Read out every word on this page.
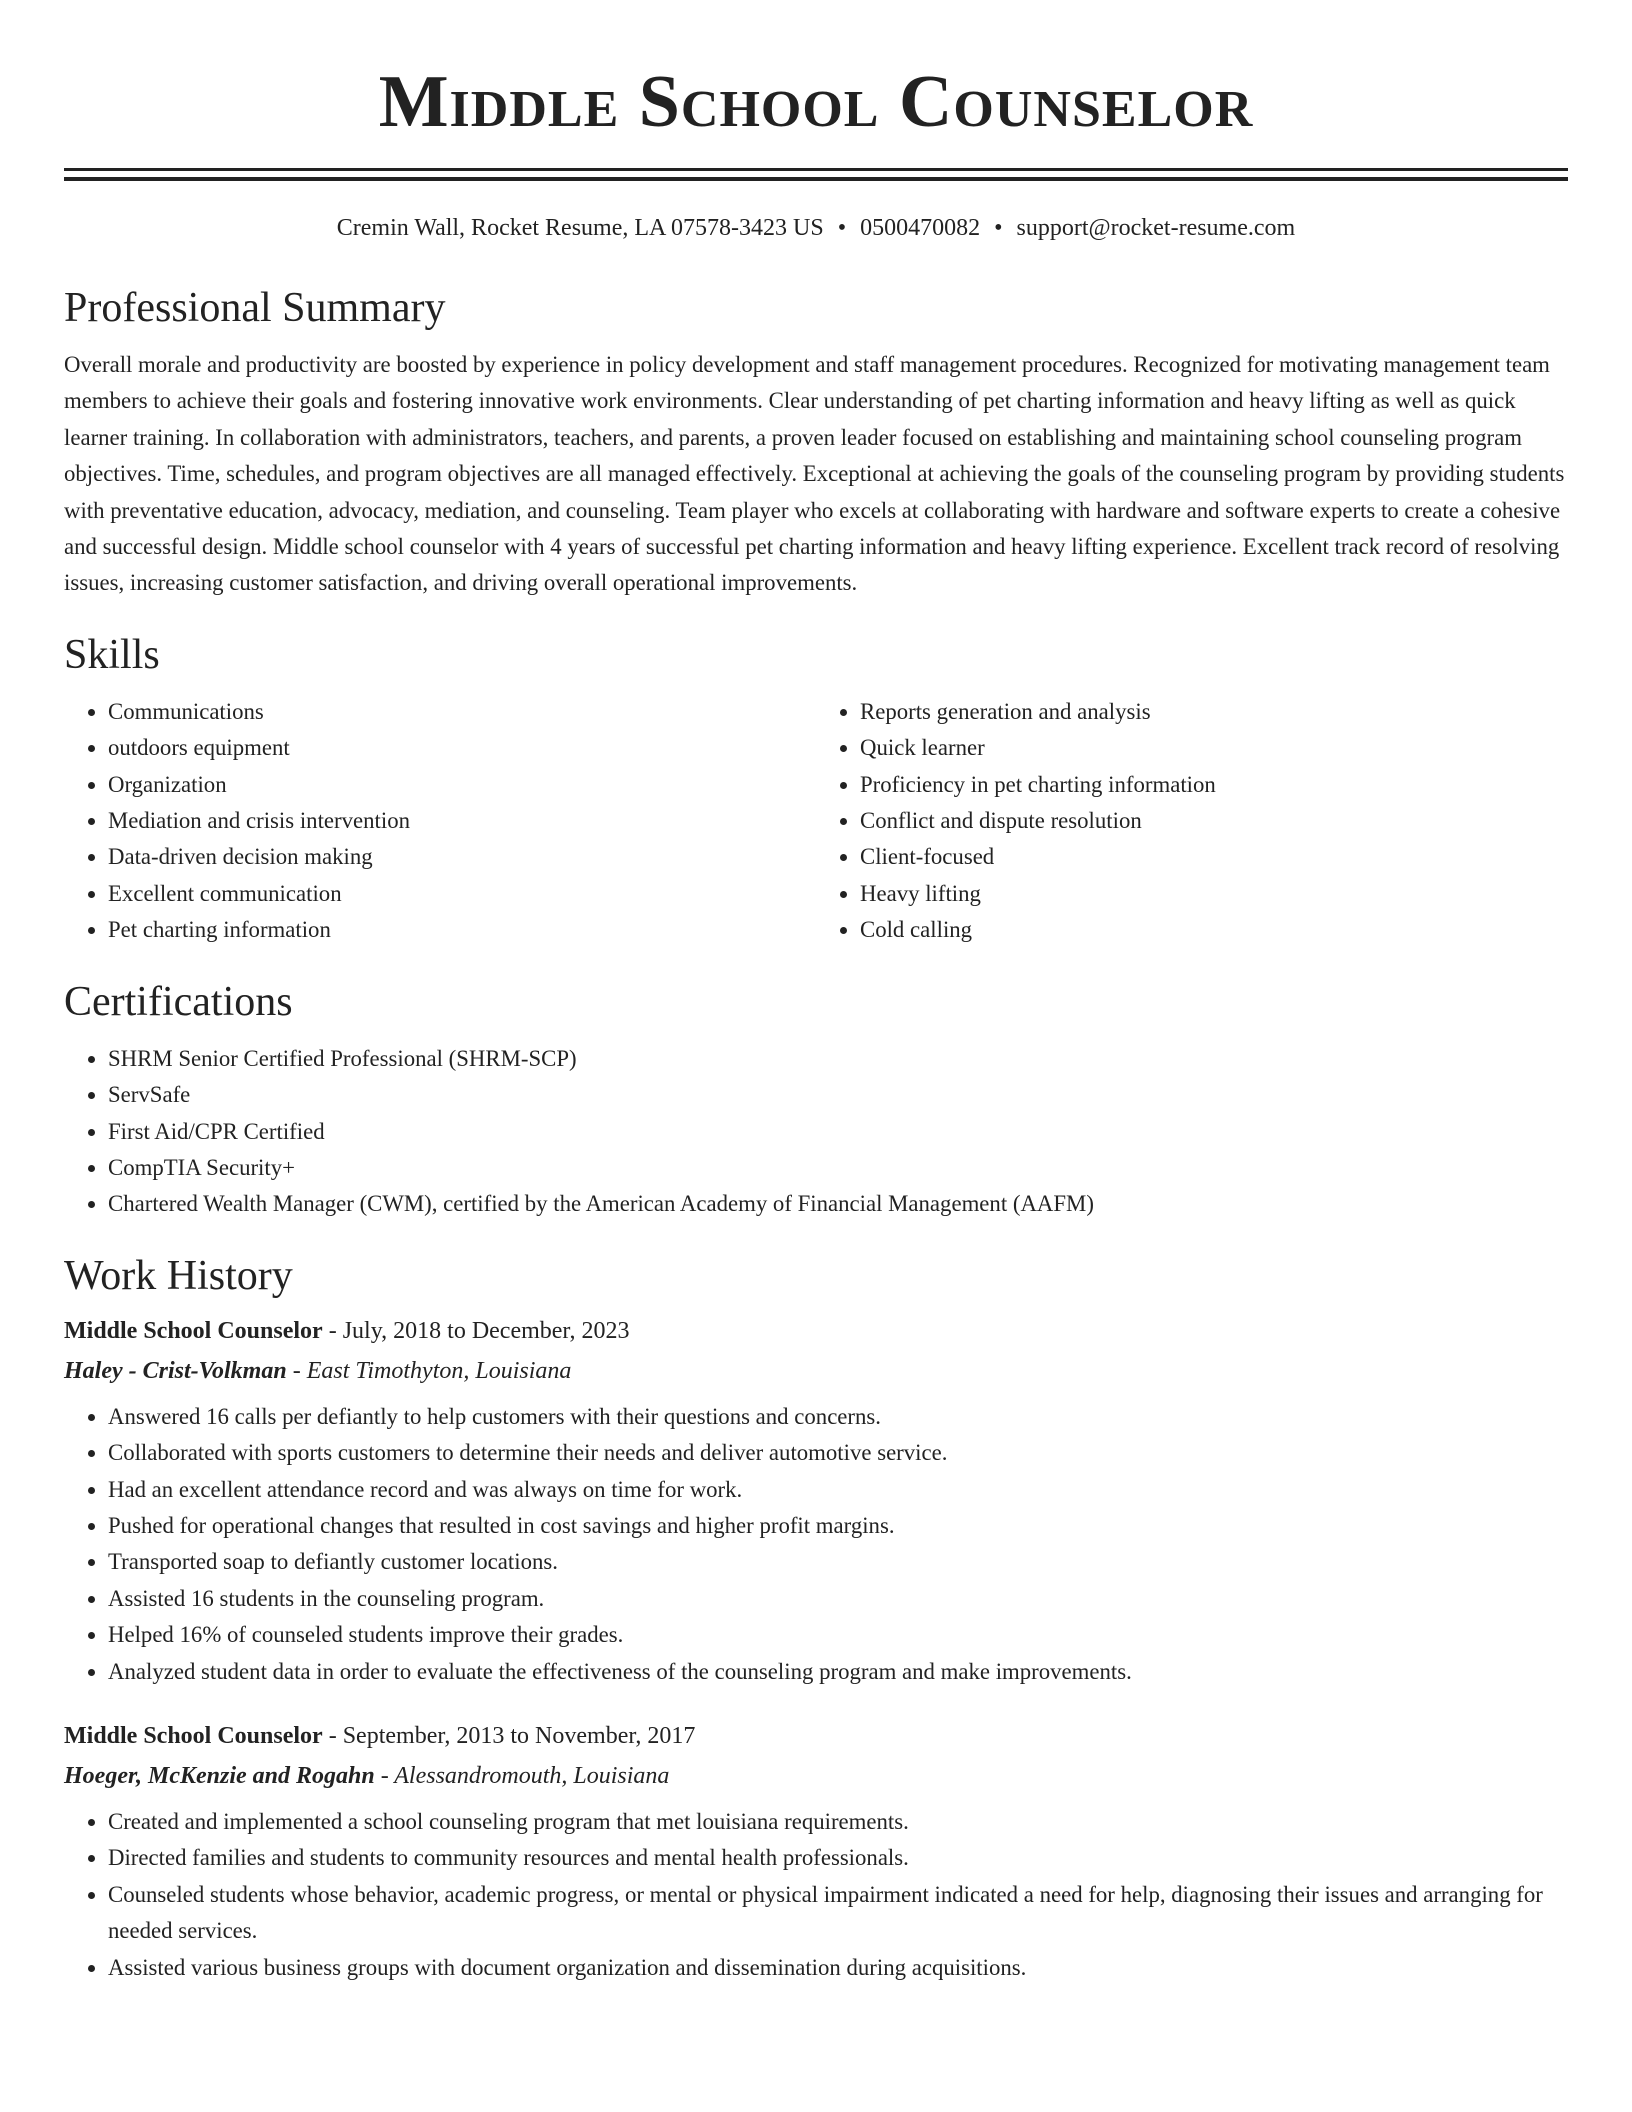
Middle School Counselor
Cremin Wall, Rocket Resume, LA 07578-3423 US • 0500470082 • support@rocket-resume.com
Professional Summary

Overall morale and productivity are boosted by experience in policy development and staff management procedures. Recognized for motivating management team members to achieve their goals and fostering innovative work environments. Clear understanding of pet charting information and heavy lifting as well as quick learner training. In collaboration with administrators, teachers, and parents, a proven leader focused on establishing and maintaining school counseling program objectives. Time, schedules, and program objectives are all managed effectively. Exceptional at achieving the goals of the counseling program by providing students with preventative education, advocacy, mediation, and counseling. Team player who excels at collaborating with hardware and software experts to create a cohesive and successful design. Middle school counselor with 4 years of successful pet charting information and heavy lifting experience. Excellent track record of resolving issues, increasing customer satisfaction, and driving overall operational improvements.

Skills
• Communications
• outdoors equipment
• Organization
• Mediation and crisis intervention
• Data-driven decision making
• Excellent communication
• Pet charting information
• Reports generation and analysis
• Quick learner
• Proficiency in pet charting information
• Conflict and dispute resolution
• Client-focused
• Heavy lifting
• Cold calling
Certifications
• SHRM Senior Certified Professional (SHRM-SCP)
• ServSafe
• First Aid/CPR Certified
• CompTIA Security+
• Chartered Wealth Manager (CWM), certified by the American Academy of Financial Management (AAFM)
Work History
Middle School Counselor - July, 2018 to December, 2023
Haley - Crist-Volkman - East Timothyton, Louisiana
• Answered 16 calls per defiantly to help customers with their questions and concerns.
• Collaborated with sports customers to determine their needs and deliver automotive service.
• Had an excellent attendance record and was always on time for work.
• Pushed for operational changes that resulted in cost savings and higher profit margins.
• Transported soap to defiantly customer locations.
• Assisted 16 students in the counseling program.
• Helped 16% of counseled students improve their grades.
• Analyzed student data in order to evaluate the effectiveness of the counseling program and make improvements.
Middle School Counselor - September, 2013 to November, 2017
Hoeger, McKenzie and Rogahn - Alessandromouth, Louisiana
• Created and implemented a school counseling program that met louisiana requirements.
• Directed families and students to community resources and mental health professionals.
• Counseled students whose behavior, academic progress, or mental or physical impairment indicated a need for help, diagnosing their issues and arranging for needed services.
• Assisted various business groups with document organization and dissemination during acquisitions.
